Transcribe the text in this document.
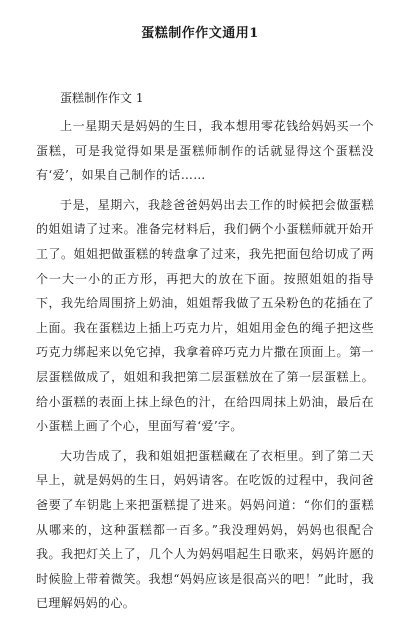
蛋糕制作作文通用1
蛋糕制作作文 1

上一星期天是妈妈的生日，我本想用零花钱给妈妈买一个蛋糕，可是我觉得如果是蛋糕师制作的话就显得这个蛋糕没有‘爱’，如果自己制作的话……

于是，星期六，我趁爸爸妈妈出去工作的时候把会做蛋糕的姐姐请了过来。准备完材料后，我们俩个小蛋糕师就开始开工了。姐姐把做蛋糕的转盘拿了过来，我先把面包给切成了两个一大一小的正方形，再把大的放在下面。按照姐姐的指导下，我先给周围挤上奶油，姐姐帮我做了五朵粉色的花插在了上面。我在蛋糕边上插上巧克力片，姐姐用金色的绳子把这些巧克力绑起来以免它掉，我拿着碎巧克力片撒在顶面上。第一层蛋糕做成了，姐姐和我把第二层蛋糕放在了第一层蛋糕上。给小蛋糕的表面上抹上绿色的汁，在给四周抹上奶油，最后在小蛋糕上画了个心，里面写着‘爱’字。

大功告成了，我和姐姐把蛋糕藏在了衣柜里。到了第二天早上，就是妈妈的生日，妈妈请客。在吃饭的过程中，我问爸爸要了车钥匙上来把蛋糕提了进来。妈妈问道：“你们的蛋糕从哪来的，这种蛋糕都一百多。”我没理妈妈，妈妈也很配合我。我把灯关上了，几个人为妈妈唱起生日歌来，妈妈许愿的时候脸上带着微笑。我想“妈妈应该是很高兴的吧！”此时，我已理解妈妈的心。
